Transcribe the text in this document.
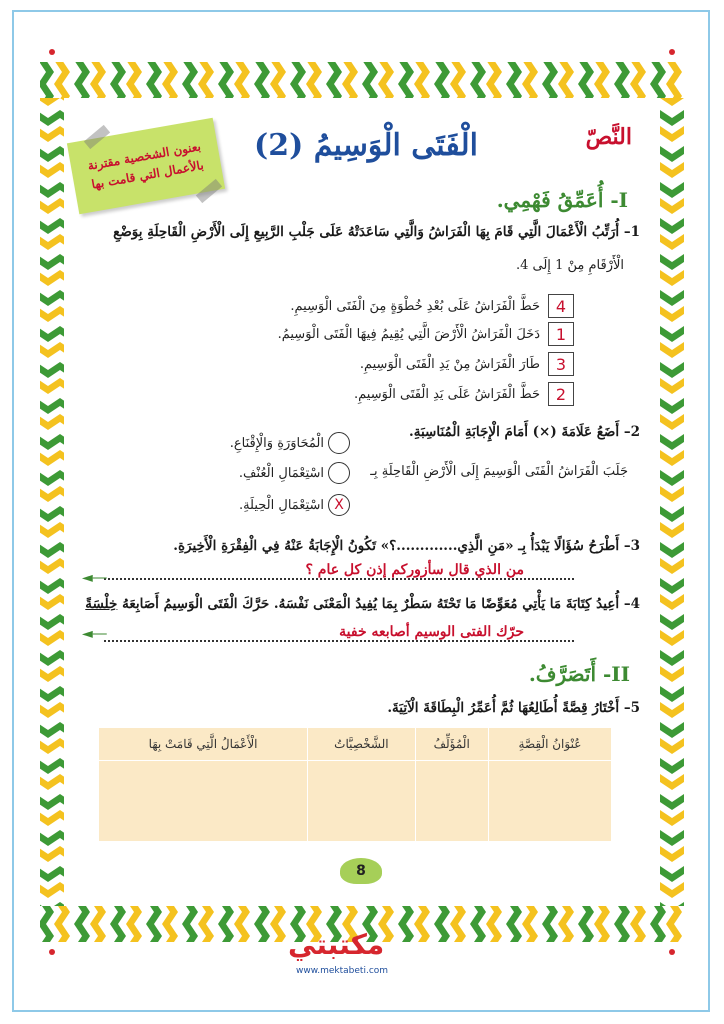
النَّصّ
الْفَتَى الْوَسِيمُ (2)
بعنون الشخصية مقترنة بالأعمال التي قامت بها
I- أُعَمِّقُ فَهْمِي.
1– أُرَتِّبُ الْأَعْمَالَ الَّتِي قَامَ بِهَا الْفَرَاشُ وَالَّتِي سَاعَدَتْهُ عَلَى جَلْبِ الرَّبِيعِ إِلَى الْأَرْضِ الْقَاحِلَةِ بِوَضْعِ
الْأَرْقَامِ مِنْ 1 إِلَى 4.
4
حَطَّ الْفَرَاشُ عَلَى بُعْدِ خُطْوَةٍ مِنَ الْفَتَى الْوَسِيمِ.
1
دَخَلَ الْفَرَاشُ الْأَرْضَ الَّتِي يُقِيمُ فِيهَا الْفَتَى الْوَسِيمُ.
3
طَارَ الْفَرَاشُ مِنْ يَدِ الْفَتَى الْوَسِيمِ.
2
حَطَّ الْفَرَاشُ عَلَى يَدِ الْفَتَى الْوَسِيمِ.
2– أَضَعُ عَلَامَةَ (×) أَمَامَ الْإِجَابَةِ الْمُنَاسِبَةِ.
جَلَبَ الْفَرَاشُ الْفَتَى الْوَسِيمَ إِلَى الْأَرْضِ الْقَاحِلَةِ بِـ
الْمُحَاوَرَةِ وَالْإِقْنَاعِ.
اسْتِعْمَالِ الْعُنْفِ.
X
اسْتِعْمَالِ الْحِيلَةِ.
3– أَطْرَحُ سُؤَالًا يَبْدَأُ بِـ «مَنِ الَّذِي.............؟» تَكُونُ الْإِجَابَةُ عَنْهُ فِي الْفِقْرَةِ الْأَخِيرَةِ.
من الذي قال سأزوركم إذن كل عام ؟
◄―
4– أُعِيدُ كِتَابَةَ مَا يَأْتِي مُعَوِّضًا مَا تَحْتَهُ سَطْرٌ بِمَا يُفِيدُ الْمَعْنَى نَفْسَهُ. حَرَّكَ الْفَتَى الْوَسِيمُ أَصَابِعَهُ خِلْسَةً
حرّك الفتى الوسيم أصابعه خفية
◄―
II- أَتَصَرَّفُ.
5– أَخْتَارُ قِصَّةً أُطَالِعُهَا ثُمَّ أُعَمِّرُ الْبِطَاقَةَ الْآتِيَةَ.
عُنْوَانُ الْقِصَّةِ	الْمُؤَلِّفُ	الشَّخْصِيَّاتُ	الْأَعْمَالُ الَّتِي قَامَتْ بِهَا

8
مكتبتي
www.mektabeti.com
